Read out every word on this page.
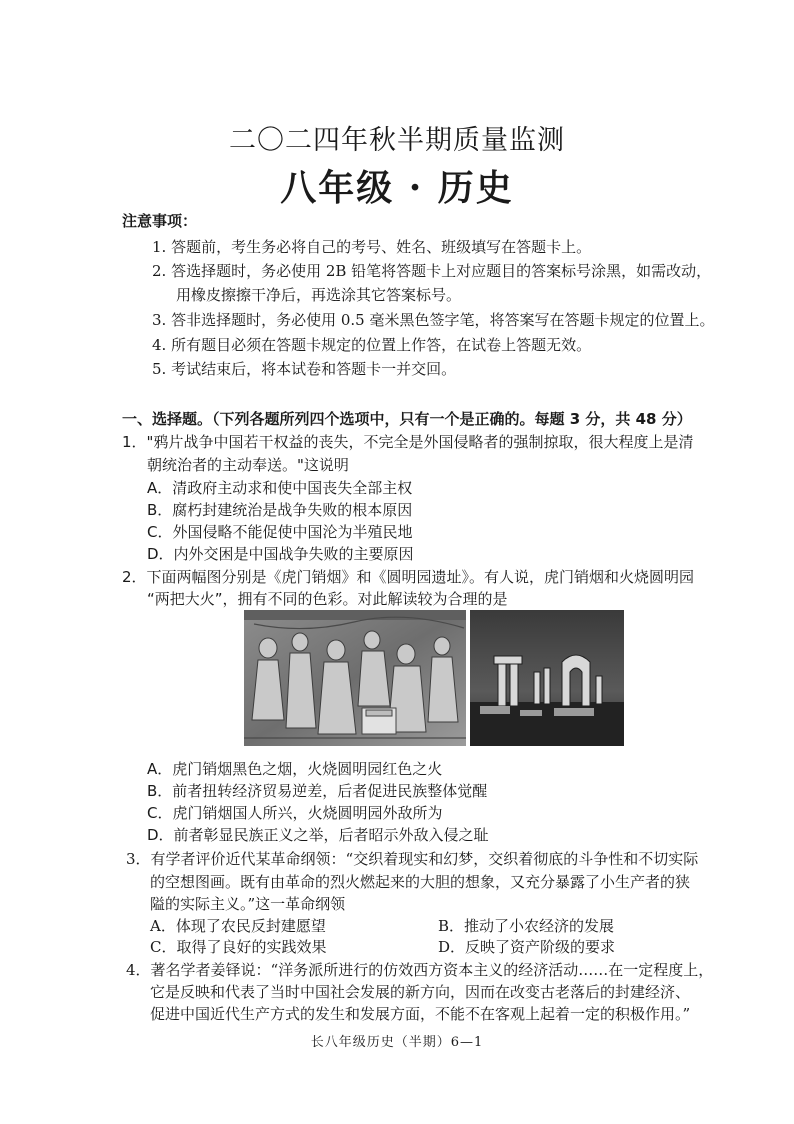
二〇二四年秋半期质量监测
八年级 · 历史
注意事项：
1. 答题前，考生务必将自己的考号、姓名、班级填写在答题卡上。
2. 答选择题时，务必使用 2B 铅笔将答题卡上对应题目的答案标号涂黑，如需改动，
用橡皮擦擦干净后，再选涂其它答案标号。
3. 答非选择题时，务必使用 0.5 毫米黑色签字笔，将答案写在答题卡规定的位置上。
4. 所有题目必须在答题卡规定的位置上作答，在试卷上答题无效。
5. 考试结束后，将本试卷和答题卡一并交回。
一、选择题。（下列各题所列四个选项中，只有一个是正确的。每题 3 分，共 48 分）
1．"鸦片战争中国若干权益的丧失，不完全是外国侵略者的强制掠取，很大程度上是清
朝统治者的主动奉送。"这说明
A．清政府主动求和使中国丧失全部主权
B．腐朽封建统治是战争失败的根本原因
C．外国侵略不能促使中国沦为半殖民地
D．内外交困是中国战争失败的主要原因
2．下面两幅图分别是《虎门销烟》和《圆明园遗址》。有人说，虎门销烟和火烧圆明园
“两把大火”，拥有不同的色彩。对此解读较为合理的是
A．虎门销烟黑色之烟，火烧圆明园红色之火
B．前者扭转经济贸易逆差，后者促进民族整体觉醒
C．虎门销烟国人所兴，火烧圆明园外敌所为
D．前者彰显民族正义之举，后者昭示外敌入侵之耻
3．有学者评价近代某革命纲领：“交织着现实和幻梦，交织着彻底的斗争性和不切实际
的空想图画。既有由革命的烈火燃起来的大胆的想象，又充分暴露了小生产者的狭
隘的实际主义。”这一革命纲领
A．体现了农民反封建愿望	B．推动了小农经济的发展
C．取得了良好的实践效果	D．反映了资产阶级的要求
4．著名学者姜铎说：“洋务派所进行的仿效西方资本主义的经济活动……在一定程度上，
它是反映和代表了当时中国社会发展的新方向，因而在改变古老落后的封建经济、
促进中国近代生产方式的发生和发展方面，不能不在客观上起着一定的积极作用。”
长八年级历史（半期）6—1
